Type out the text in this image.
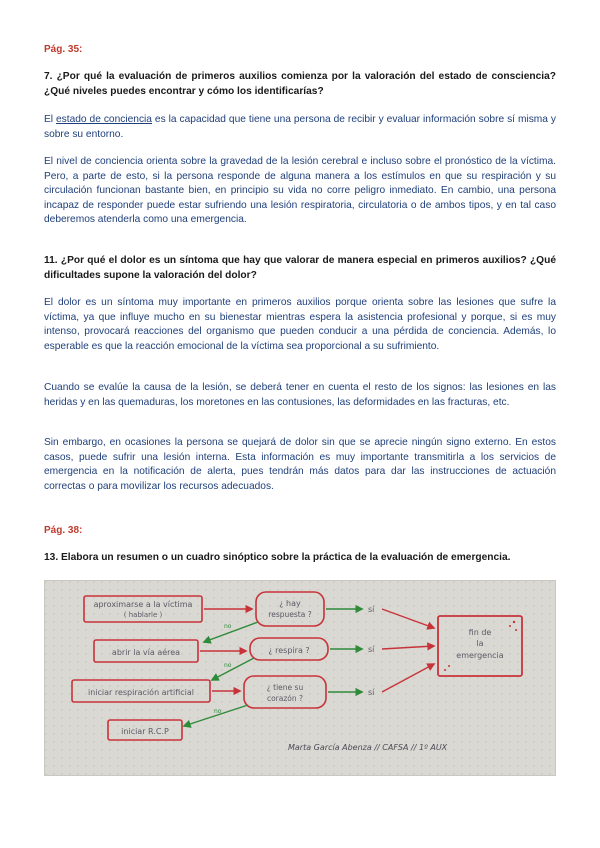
Pág. 35:
7. ¿Por qué la evaluación de primeros auxilios comienza por la valoración del estado de consciencia? ¿Qué niveles puedes encontrar y cómo los identificarías?

El estado de conciencia es la capacidad que tiene una persona de recibir y evaluar información sobre sí misma y sobre su entorno.

El nivel de conciencia orienta sobre la gravedad de la lesión cerebral e incluso sobre el pronóstico de la víctima. Pero, a parte de esto, si la persona responde de alguna manera a los estímulos en que su respiración y su circulación funcionan bastante bien, en principio su vida no corre peligro inmediato. En cambio, una persona incapaz de responder puede estar sufriendo una lesión respiratoria, circulatoria o de ambos tipos, y en tal caso deberemos atenderla como una emergencia.

11. ¿Por qué el dolor es un síntoma que hay que valorar de manera especial en primeros auxilios? ¿Qué dificultades supone la valoración del dolor?

El dolor es un síntoma muy importante en primeros auxilios porque orienta sobre las lesiones que sufre la víctima, ya que influye mucho en su bienestar mientras espera la asistencia profesional y porque, si es muy intenso, provocará reacciones del organismo que pueden conducir a una pérdida de conciencia. Además, lo esperable es que la reacción emocional de la víctima sea proporcional a su sufrimiento.

Cuando se evalúe la causa de la lesión, se deberá tener en cuenta el resto de los signos: las lesiones en las heridas y en las quemaduras, los moretones en las contusiones, las deformidades en las fracturas, etc.

Sin embargo, en ocasiones la persona se quejará de dolor sin que se aprecie ningún signo externo. En estos casos, puede sufrir una lesión interna. Esta información es muy importante transmitirla a los servicios de emergencia en la notificación de alerta, pues tendrán más datos para dar las instrucciones de actuación correctas o para movilizar los recursos adecuados.

Pág. 38:
13. Elabora un resumen o un cuadro sinóptico sobre la práctica de la evaluación de emergencia.
aproximarse a la víctima
( hablarle )
abrir la vía aérea
iniciar respiración artificial
iniciar R.C.P
¿ hay
respuesta ?
¿ respira ?
¿ tiene su
corazón ?
no
no
no
sí
sí
sí
fin de
la
emergencia
Marta García Abenza // CAFSA // 1º AUX
